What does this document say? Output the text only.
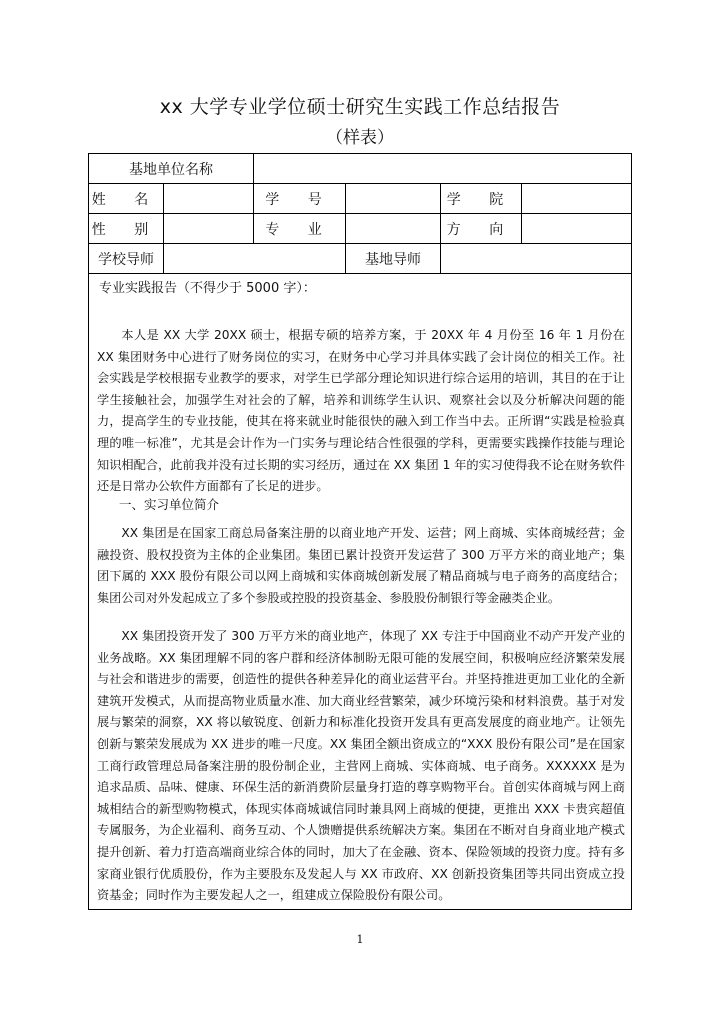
xx 大学专业学位硕士研究生实践工作总结报告
（样表）
基地单位名称					
姓 名		学 号		学 院	
性 别		专 业		方 向	
学校导师			基地导师		
专业实践报告（不得少于 5000 字）：

本人是 XX 大学 20XX 硕士，根据专硕的培养方案，于 20XX 年 4 月份至 16 年 1 月份在 XX 集团财务中心进行了财务岗位的实习，在财务中心学习并具体实践了会计岗位的相关工作。社会实践是学校根据专业教学的要求，对学生已学部分理论知识进行综合运用的培训，其目的在于让学生接触社会，加强学生对社会的了解，培养和训练学生认识、观察社会以及分析解决问题的能力，提高学生的专业技能，使其在将来就业时能很快的融入到工作当中去。正所谓“实践是检验真理的唯一标准”，尤其是会计作为一门实务与理论结合性很强的学科，更需要实践操作技能与理论知识相配合，此前我并没有过长期的实习经历，通过在 XX 集团 1 年的实习使得我不论在财务软件还是日常办公软件方面都有了长足的进步。

一、实习单位简介

XX 集团是在国家工商总局备案注册的以商业地产开发、运营；网上商城、实体商城经营；金融投资、股权投资为主体的企业集团。集团已累计投资开发运营了 300 万平方米的商业地产；集团下属的 XXX 股份有限公司以网上商城和实体商城创新发展了精品商城与电子商务的高度结合；集团公司对外发起成立了多个参股或控股的投资基金、参股股份制银行等金融类企业。

XX 集团投资开发了 300 万平方米的商业地产，体现了 XX 专注于中国商业不动产开发产业的业务战略。XX 集团理解不同的客户群和经济体制盼无限可能的发展空间，积极响应经济繁荣发展与社会和谐进步的需要，创造性的提供各种差异化的商业运营平台。并坚持推进更加工业化的全新建筑开发模式，从而提高物业质量水准、加大商业经营繁荣，减少环境污染和材料浪费。基于对发展与繁荣的洞察，XX 将以敏锐度、创新力和标准化投资开发具有更高发展度的商业地产。让领先创新与繁荣发展成为 XX 进步的唯一尺度。XX 集团全额出资成立的“XXX 股份有限公司”是在国家工商行政管理总局备案注册的股份制企业，主营网上商城、实体商城、电子商务。XXXXXX 是为追求品质、品味、健康、环保生活的新消费阶层量身打造的尊享购物平台。首创实体商城与网上商城相结合的新型购物模式，体现实体商城诚信同时兼具网上商城的便捷，更推出 XXX 卡贵宾超值专属服务，为企业福利、商务互动、个人馈赠提供系统解决方案。集团在不断对自身商业地产模式提升创新、着力打造高端商业综合体的同时，加大了在金融、资本、保险领域的投资力度。持有多家商业银行优质股份，作为主要股东及发起人与 XX 市政府、XX 创新投资集团等共同出资成立投资基金；同时作为主要发起人之一，组建成立保险股份有限公司。

1
